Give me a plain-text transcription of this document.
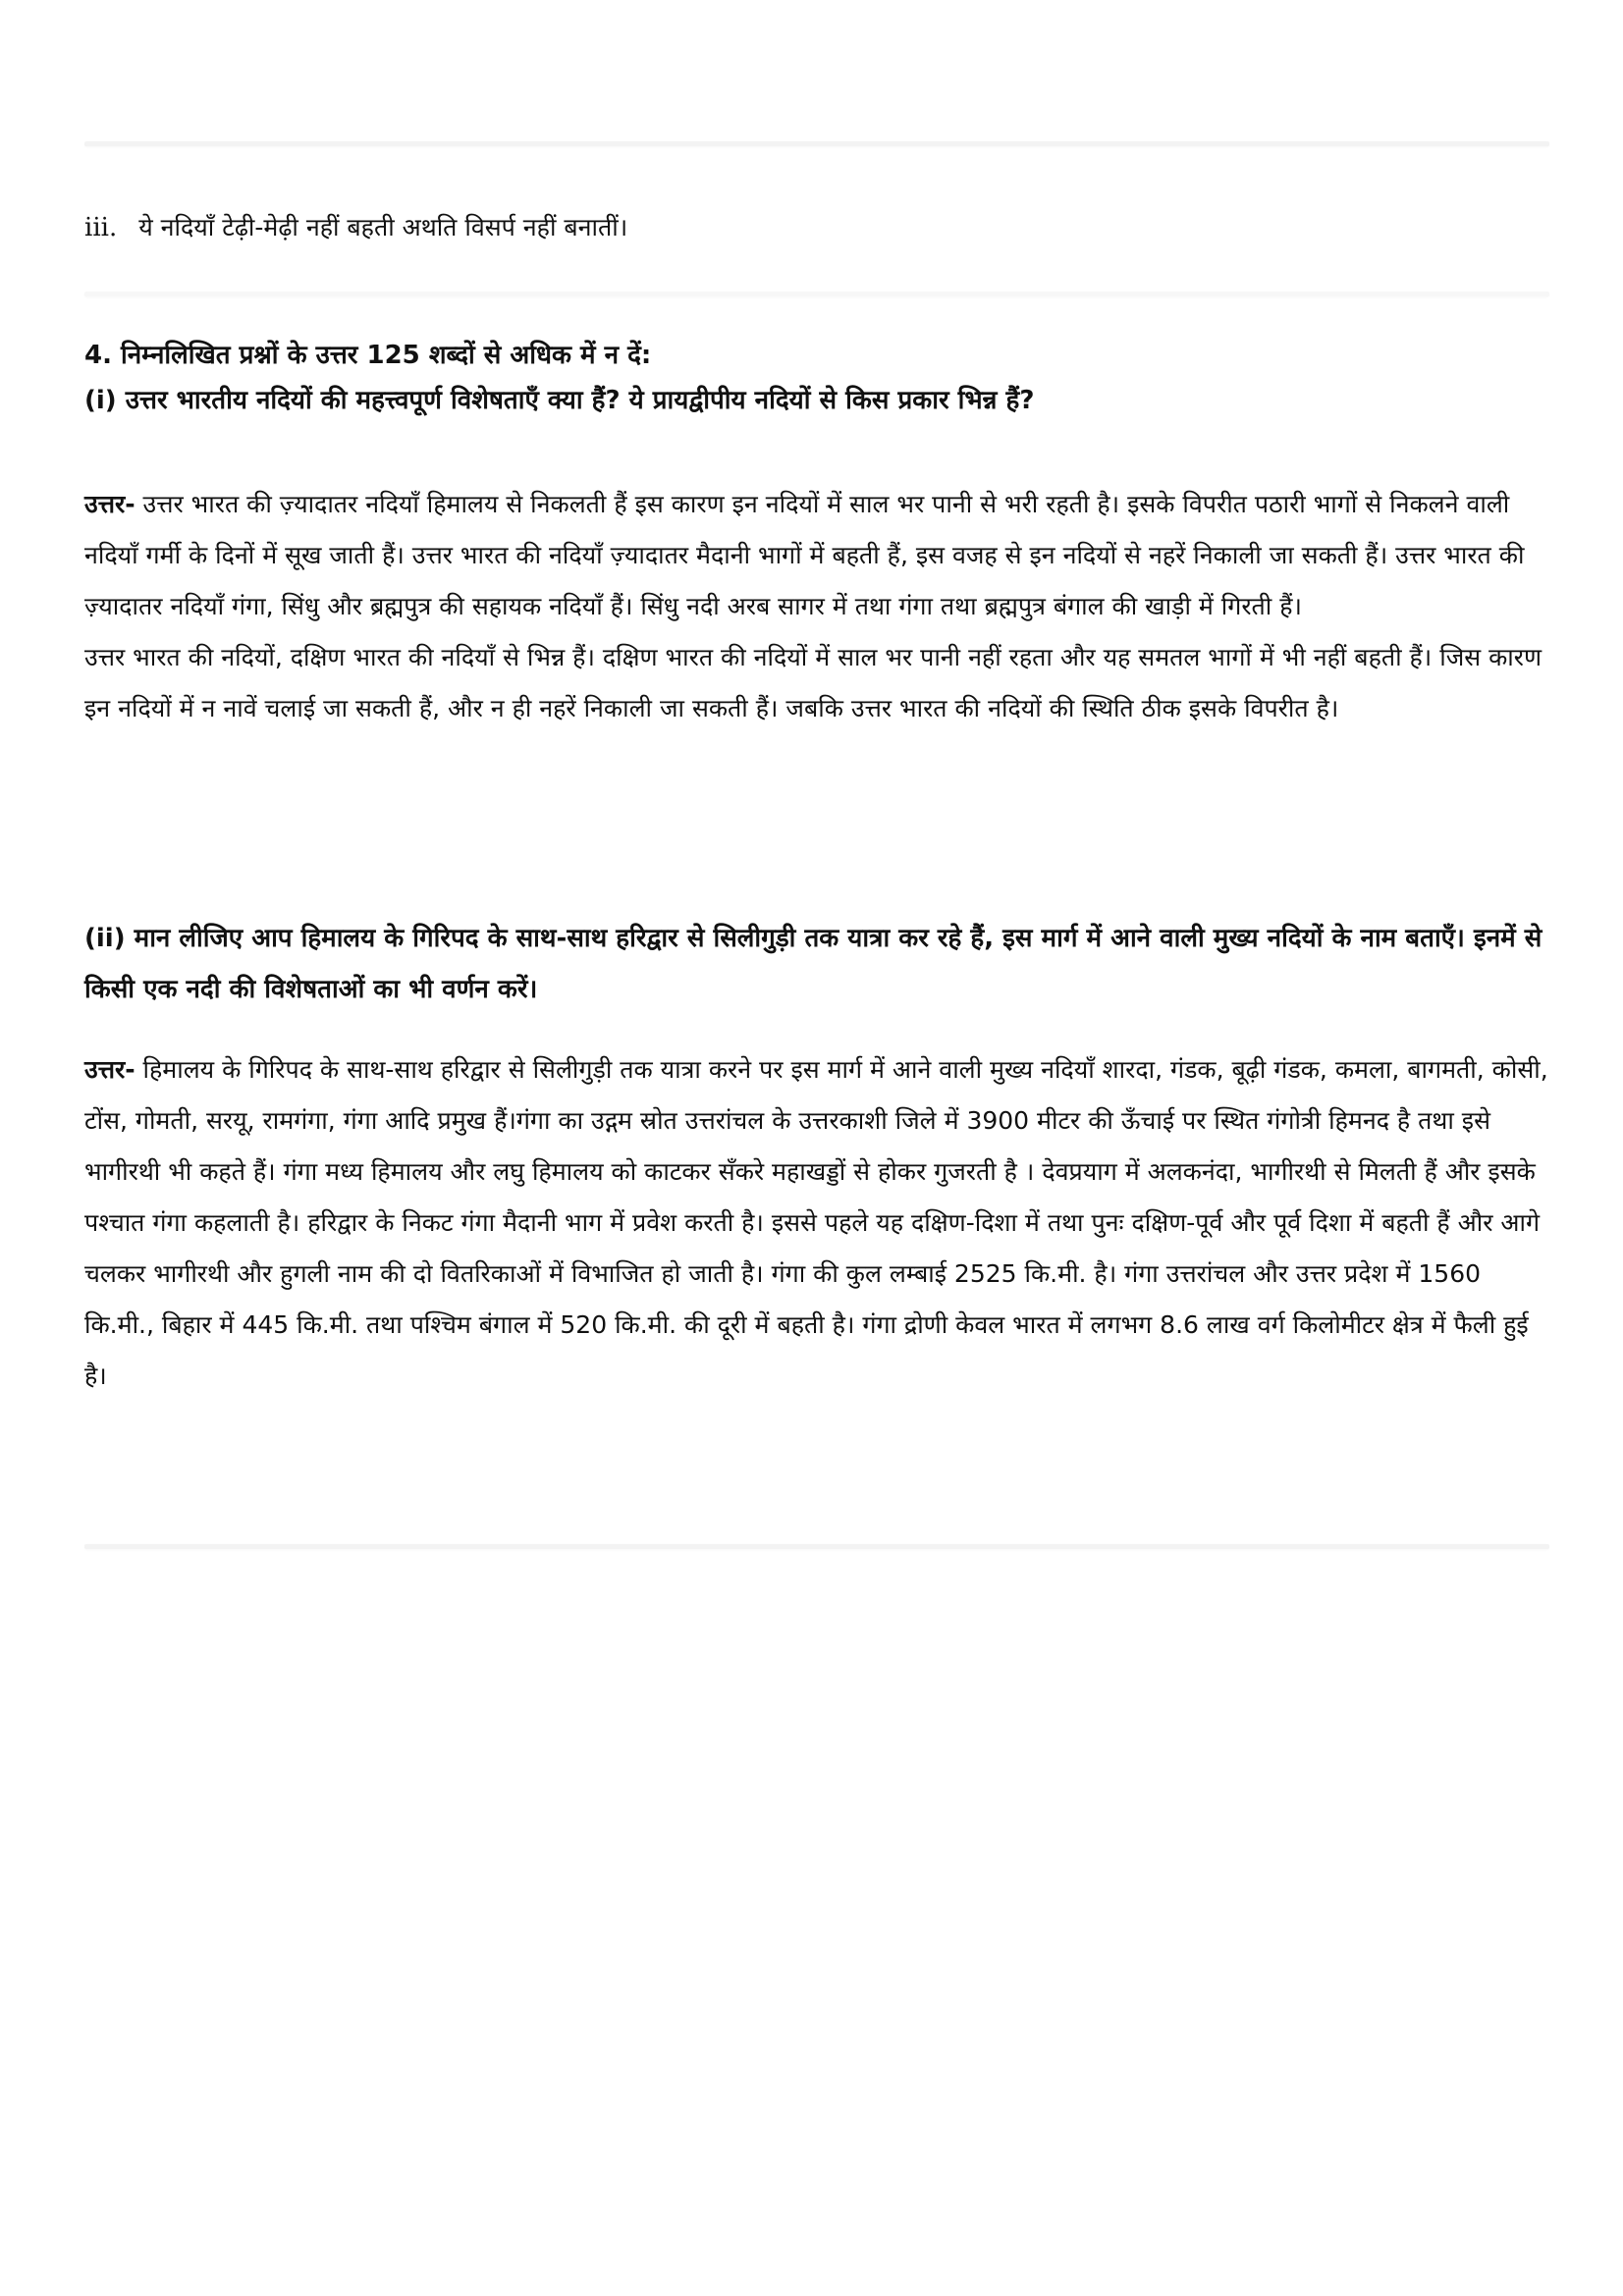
iii. ये नदियाँ टेढ़ी-मेढ़ी नहीं बहती अथति विसर्प नहीं बनातीं।
4. निम्नलिखित प्रश्नों के उत्तर 125 शब्दों से अधिक में न दें:
(i) उत्तर भारतीय नदियों की महत्त्वपूर्ण विशेषताएँ क्या हैं? ये प्रायद्वीपीय नदियों से किस प्रकार भिन्न हैं?

उत्तर- उत्तर भारत की ज़्यादातर नदियाँ हिमालय से निकलती हैं इस कारण इन नदियों में साल भर पानी से भरी रहती है। इसके विपरीत पठारी भागों से निकलने वाली नदियाँ गर्मी के दिनों में सूख जाती हैं। उत्तर भारत की नदियाँ ज़्यादातर मैदानी भागों में बहती हैं, इस वजह से इन नदियों से नहरें निकाली जा सकती हैं। उत्तर भारत की ज़्यादातर नदियाँ गंगा, सिंधु और ब्रह्मपुत्र की सहायक नदियाँ हैं। सिंधु नदी अरब सागर में तथा गंगा तथा ब्रह्मपुत्र बंगाल की खाड़ी में गिरती हैं।

उत्तर भारत की नदियों, दक्षिण भारत की नदियाँ से भिन्न हैं। दक्षिण भारत की नदियों में साल भर पानी नहीं रहता और यह समतल भागों में भी नहीं बहती हैं। जिस कारण इन नदियों में न नावें चलाई जा सकती हैं, और न ही नहरें निकाली जा सकती हैं। जबकि उत्तर भारत की नदियों की स्थिति ठीक इसके विपरीत है।

(ii) मान लीजिए आप हिमालय के गिरिपद के साथ-साथ हरिद्वार से सिलीगुड़ी तक यात्रा कर रहे हैं, इस मार्ग में आने वाली मुख्य नदियों के नाम बताएँ। इनमें से किसी एक नदी की विशेषताओं का भी वर्णन करें।

उत्तर- हिमालय के गिरिपद के साथ-साथ हरिद्वार से सिलीगुड़ी तक यात्रा करने पर इस मार्ग में आने वाली मुख्य नदियाँ शारदा, गंडक, बूढ़ी गंडक, कमला, बागमती, कोसी, टोंस, गोमती, सरयू, रामगंगा, गंगा आदि प्रमुख हैं।गंगा का उद्गम स्रोत उत्तरांचल के उत्तरकाशी जिले में 3900 मीटर की ऊँचाई पर स्थित गंगोत्री हिमनद है तथा इसे भागीरथी भी कहते हैं। गंगा मध्य हिमालय और लघु हिमालय को काटकर सँकरे महाखड्डों से होकर गुजरती है । देवप्रयाग में अलकनंदा, भागीरथी से मिलती हैं और इसके पश्चात गंगा कहलाती है। हरिद्वार के निकट गंगा मैदानी भाग में प्रवेश करती है। इससे पहले यह दक्षिण-दिशा में तथा पुनः दक्षिण-पूर्व और पूर्व दिशा में बहती हैं और आगे चलकर भागीरथी और हुगली नाम की दो वितरिकाओं में विभाजित हो जाती है। गंगा की कुल लम्बाई 2525 कि.मी. है। गंगा उत्तरांचल और उत्तर प्रदेश में 1560 कि.मी., बिहार में 445 कि.मी. तथा पश्चिम बंगाल में 520 कि.मी. की दूरी में बहती है। गंगा द्रोणी केवल भारत में लगभग 8.6 लाख वर्ग किलोमीटर क्षेत्र में फैली हुई है।
